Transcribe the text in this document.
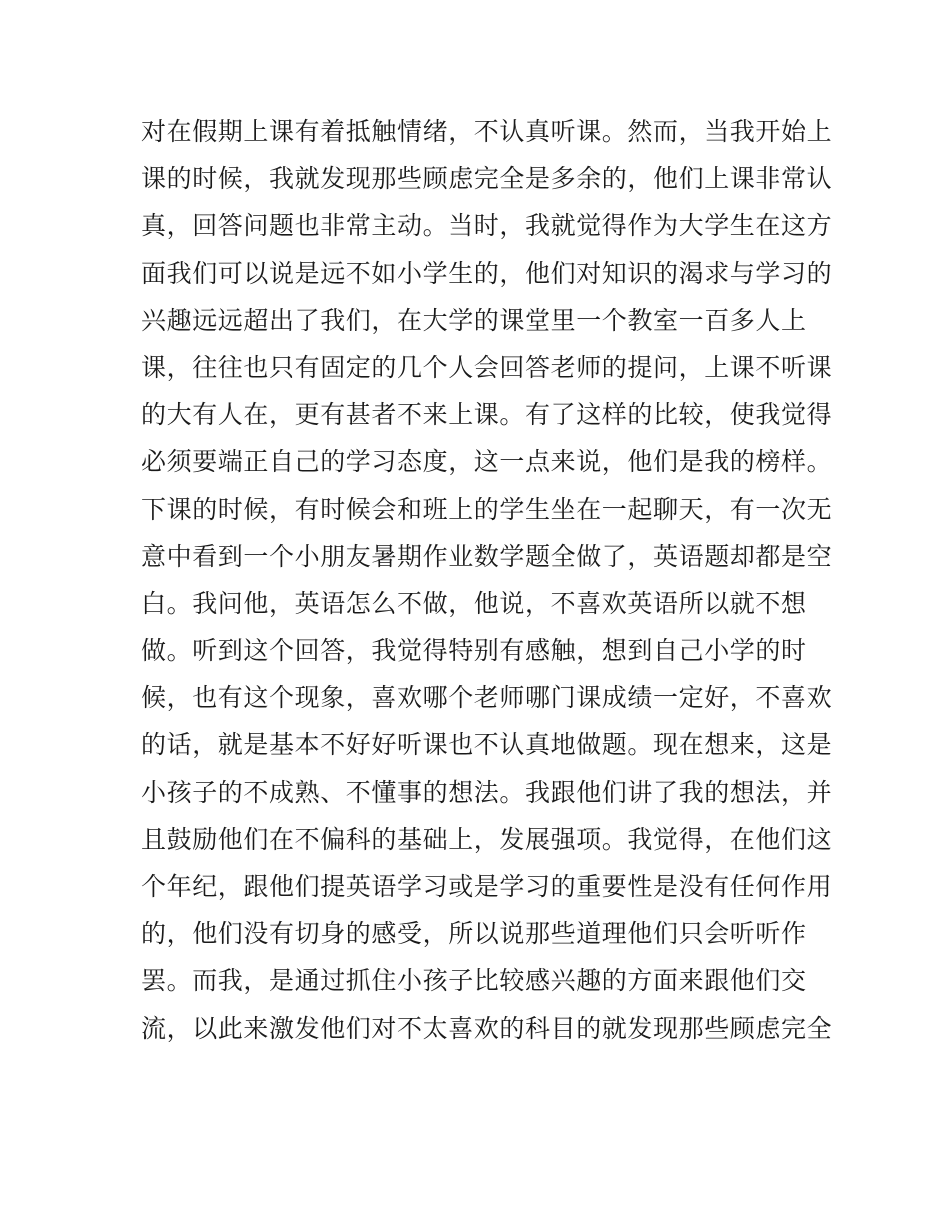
对在假期上课有着抵触情绪，不认真听课。然而，当我开始上
课的时候，我就发现那些顾虑完全是多余的，他们上课非常认
真，回答问题也非常主动。当时，我就觉得作为大学生在这方
面我们可以说是远不如小学生的，他们对知识的渴求与学习的
兴趣远远超出了我们，在大学的课堂里一个教室一百多人上
课，往往也只有固定的几个人会回答老师的提问，上课不听课
的大有人在，更有甚者不来上课。有了这样的比较，使我觉得
必须要端正自己的学习态度，这一点来说，他们是我的榜样。
下课的时候，有时候会和班上的学生坐在一起聊天，有一次无
意中看到一个小朋友暑期作业数学题全做了，英语题却都是空
白。我问他，英语怎么不做，他说，不喜欢英语所以就不想
做。听到这个回答，我觉得特别有感触，想到自己小学的时
候，也有这个现象，喜欢哪个老师哪门课成绩一定好，不喜欢
的话，就是基本不好好听课也不认真地做题。现在想来，这是
小孩子的不成熟、不懂事的想法。我跟他们讲了我的想法，并
且鼓励他们在不偏科的基础上，发展强项。我觉得，在他们这
个年纪，跟他们提英语学习或是学习的重要性是没有任何作用
的，他们没有切身的感受，所以说那些道理他们只会听听作
罢。而我，是通过抓住小孩子比较感兴趣的方面来跟他们交
流，以此来激发他们对不太喜欢的科目的就发现那些顾虑完全
